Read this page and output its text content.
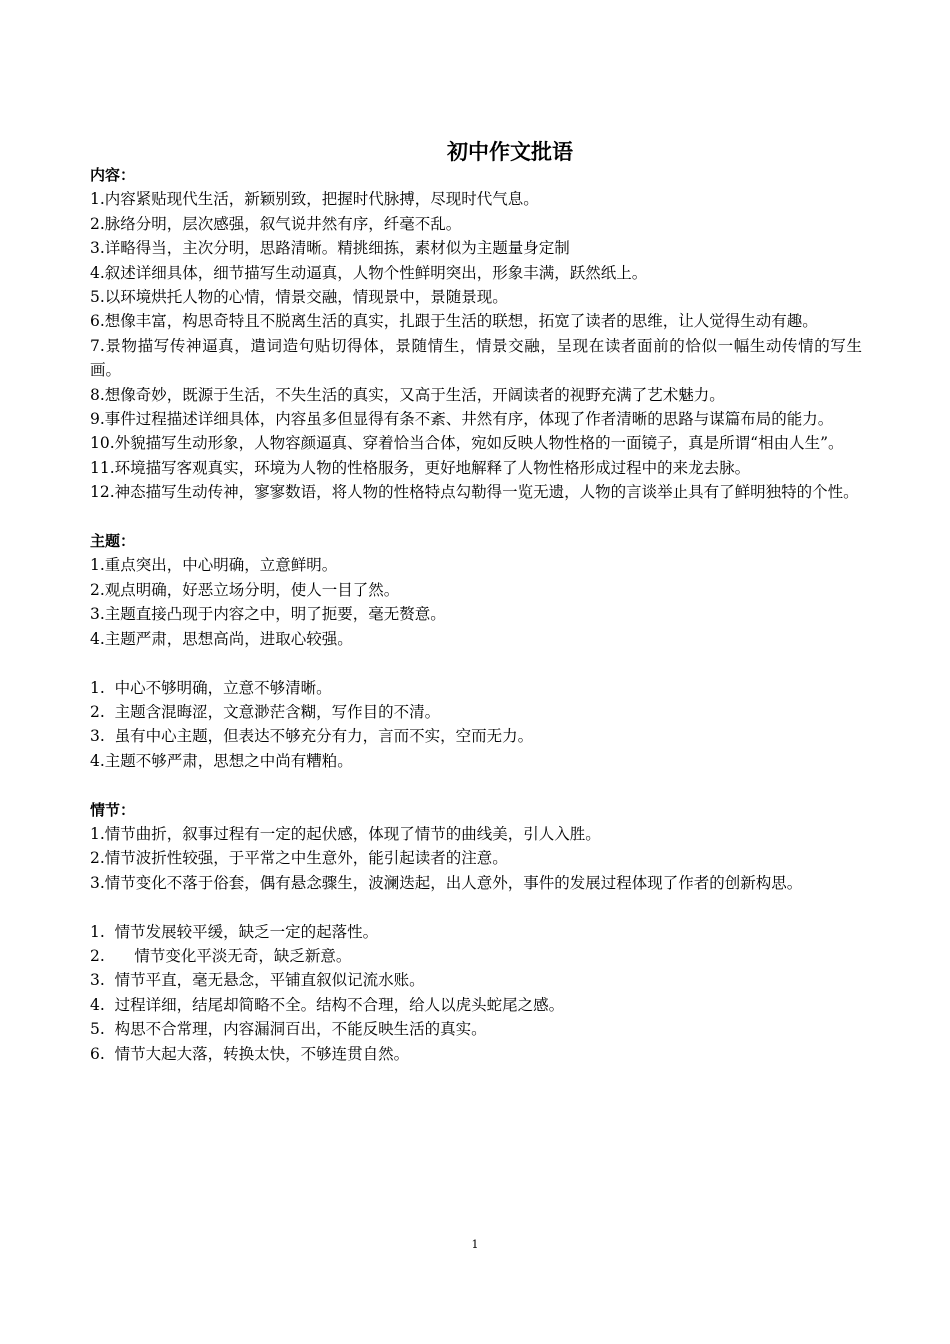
初中作文批语
内容：

1.内容紧贴现代生活，新颖别致，把握时代脉搏，尽现时代气息。

2.脉络分明，层次感强，叙气说井然有序，纤毫不乱。

3.详略得当，主次分明，思路清晰。精挑细拣，素材似为主题量身定制

4.叙述详细具体，细节描写生动逼真，人物个性鲜明突出，形象丰满，跃然纸上。

5.以环境烘托人物的心情，情景交融，情现景中，景随景现。

6.想像丰富，构思奇特且不脱离生活的真实，扎跟于生活的联想，拓宽了读者的思维，让人觉得生动有趣。

7.景物描写传神逼真，遣词造句贴切得体，景随情生，情景交融，呈现在读者面前的恰似一幅生动传情的写生画。

8.想像奇妙，既源于生活，不失生活的真实，又高于生活，开阔读者的视野充满了艺术魅力。

9.事件过程描述详细具体，内容虽多但显得有条不紊、井然有序，体现了作者清晰的思路与谋篇布局的能力。

10.外貌描写生动形象，人物容颜逼真、穿着恰当合体，宛如反映人物性格的一面镜子，真是所谓“相由人生”。

11.环境描写客观真实，环境为人物的性格服务，更好地解释了人物性格形成过程中的来龙去脉。

12.神态描写生动传神，寥寥数语，将人物的性格特点勾勒得一览无遗，人物的言谈举止具有了鲜明独特的个性。

主题：

1.重点突出，中心明确，立意鲜明。

2.观点明确，好恶立场分明，使人一目了然。

3.主题直接凸现于内容之中，明了扼要，毫无赘意。

4.主题严肃，思想高尚，进取心较强。

1.  中心不够明确，立意不够清晰。

2.  主题含混晦涩，文意渺茫含糊，写作目的不清。

3.  虽有中心主题，但表达不够充分有力，言而不实，空而无力。

4.主题不够严肃，思想之中尚有糟粕。

情节：

1.情节曲折，叙事过程有一定的起伏感，体现了情节的曲线美，引人入胜。

2.情节波折性较强，于平常之中生意外，能引起读者的注意。

3.情节变化不落于俗套，偶有悬念骤生，波澜迭起，出人意外，事件的发展过程体现了作者的创新构思。

1.  情节发展较平缓，缺乏一定的起落性。

2.      情节变化平淡无奇，缺乏新意。

3.  情节平直，毫无悬念，平铺直叙似记流水账。

4.  过程详细，结尾却简略不全。结构不合理，给人以虎头蛇尾之感。

5.  构思不合常理，内容漏洞百出，不能反映生活的真实。

6.  情节大起大落，转换太快，不够连贯自然。

1
